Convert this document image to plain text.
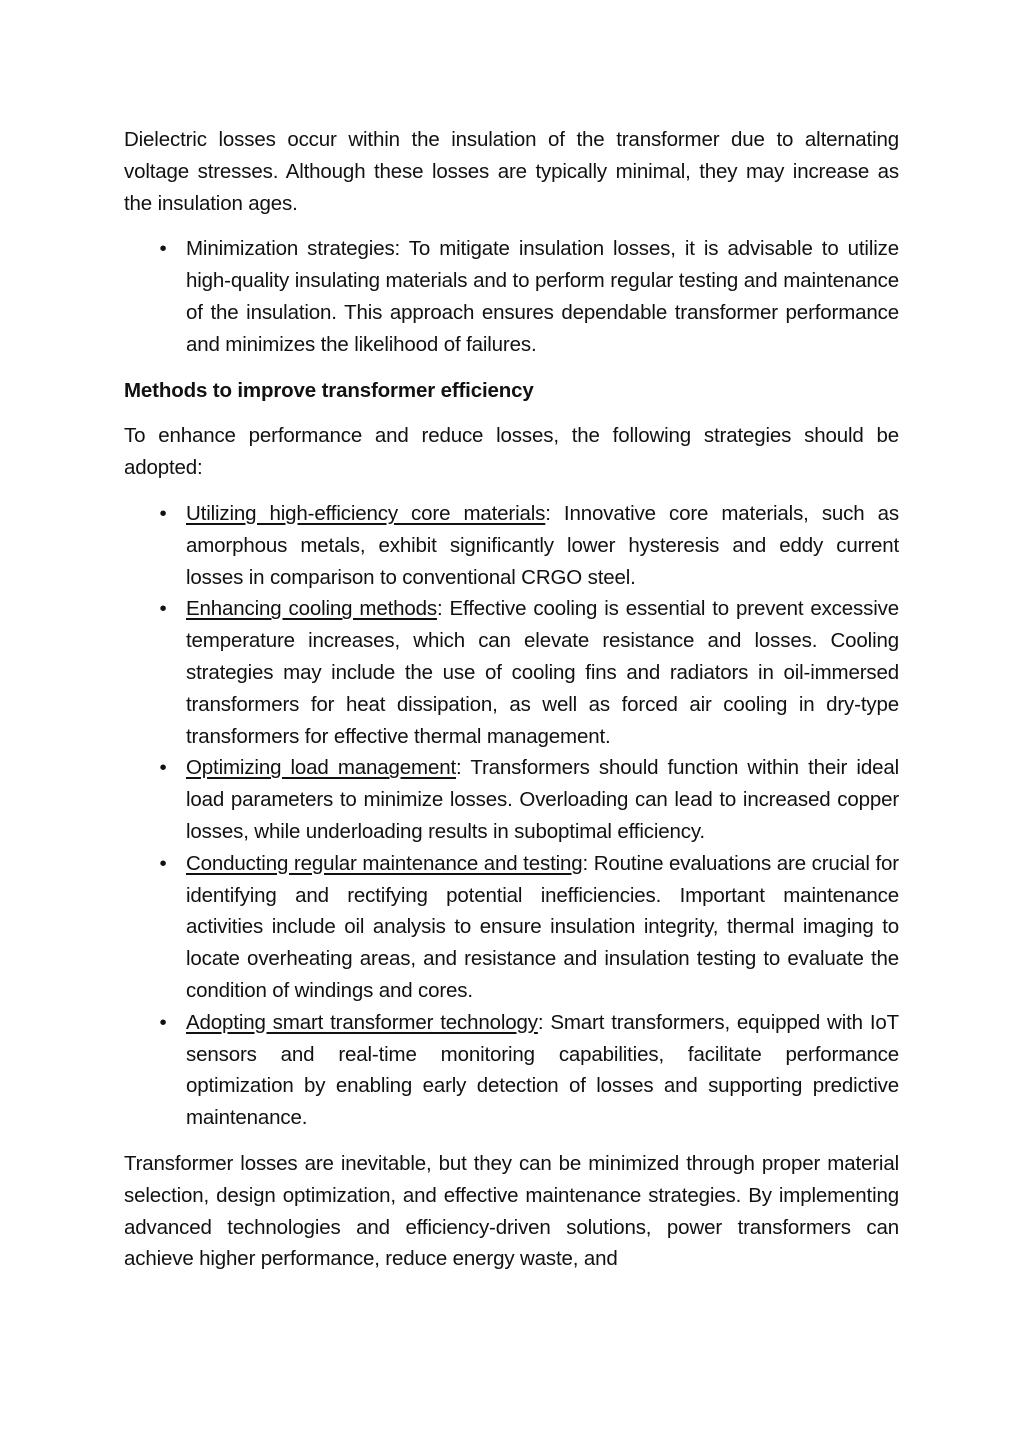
Dielectric losses occur within the insulation of the transformer due to alternating voltage stresses. Although these losses are typically minimal, they may increase as the insulation ages.

• Minimization strategies: To mitigate insulation losses, it is advisable to utilize high-quality insulating materials and to perform regular testing and maintenance of the insulation. This approach ensures dependable transformer performance and minimizes the likelihood of failures.

Methods to improve transformer efficiency

To enhance performance and reduce losses, the following strategies should be adopted:

• Utilizing high-efficiency core materials: Innovative core materials, such as amorphous metals, exhibit significantly lower hysteresis and eddy current losses in comparison to conventional CRGO steel.
• Enhancing cooling methods: Effective cooling is essential to prevent excessive temperature increases, which can elevate resistance and losses. Cooling strategies may include the use of cooling fins and radiators in oil-immersed transformers for heat dissipation, as well as forced air cooling in dry-type transformers for effective thermal management.
• Optimizing load management: Transformers should function within their ideal load parameters to minimize losses. Overloading can lead to increased copper losses, while underloading results in suboptimal efficiency.
• Conducting regular maintenance and testing: Routine evaluations are crucial for identifying and rectifying potential inefficiencies. Important maintenance activities include oil analysis to ensure insulation integrity, thermal imaging to locate overheating areas, and resistance and insulation testing to evaluate the condition of windings and cores.
• Adopting smart transformer technology: Smart transformers, equipped with IoT sensors and real-time monitoring capabilities, facilitate performance optimization by enabling early detection of losses and supporting predictive maintenance.

Transformer losses are inevitable, but they can be minimized through proper material selection, design optimization, and effective maintenance strategies. By implementing advanced technologies and efficiency-driven solutions, power transformers can achieve higher performance, reduce energy waste, and
